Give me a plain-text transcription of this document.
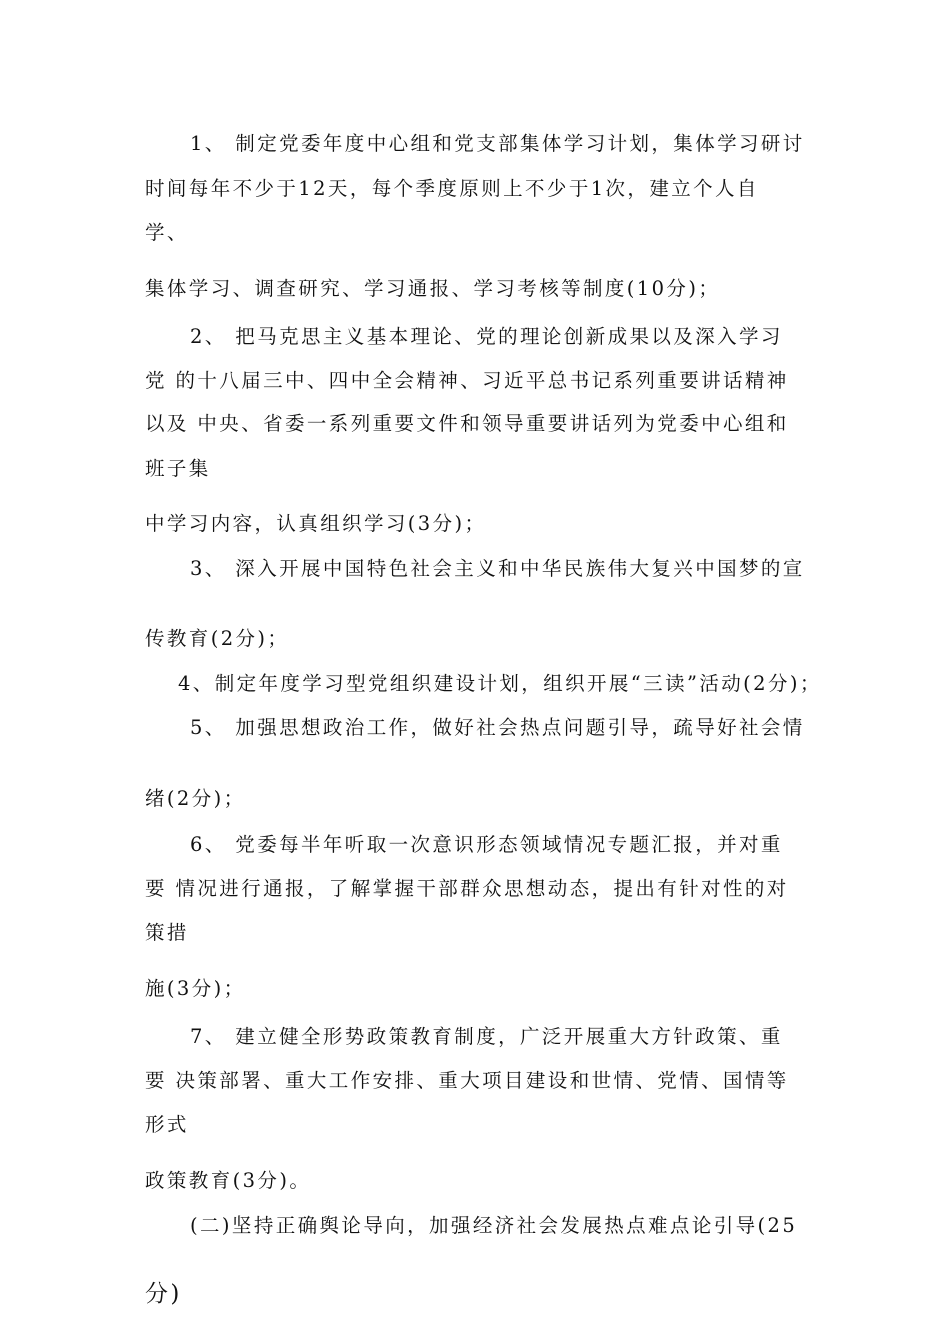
1、 制定党委年度中心组和党支部集体学习计划，集体学习研讨
时间每年不少于12天，每个季度原则上不少于1次，建立个人自
学、
集体学习、调查研究、学习通报、学习考核等制度(10分)；
2、 把马克思主义基本理论、党的理论创新成果以及深入学习
党 的十八届三中、四中全会精神、习近平总书记系列重要讲话精神
以及 中央、省委一系列重要文件和领导重要讲话列为党委中心组和
班子集
中学习内容，认真组织学习(3分)；
3、 深入开展中国特色社会主义和中华民族伟大复兴中国梦的宣
传教育(2分)；
4、制定年度学习型党组织建设计划，组织开展“三读”活动(2分)；
5、 加强思想政治工作，做好社会热点问题引导，疏导好社会情
绪(2分)；
6、 党委每半年听取一次意识形态领域情况专题汇报，并对重
要 情况进行通报，了解掌握干部群众思想动态，提出有针对性的对
策措
施(3分)；
7、 建立健全形势政策教育制度，广泛开展重大方针政策、重
要 决策部署、重大工作安排、重大项目建设和世情、党情、国情等
形式
政策教育(3分)。
(二)坚持正确舆论导向，加强经济社会发展热点难点论引导(25
分)
